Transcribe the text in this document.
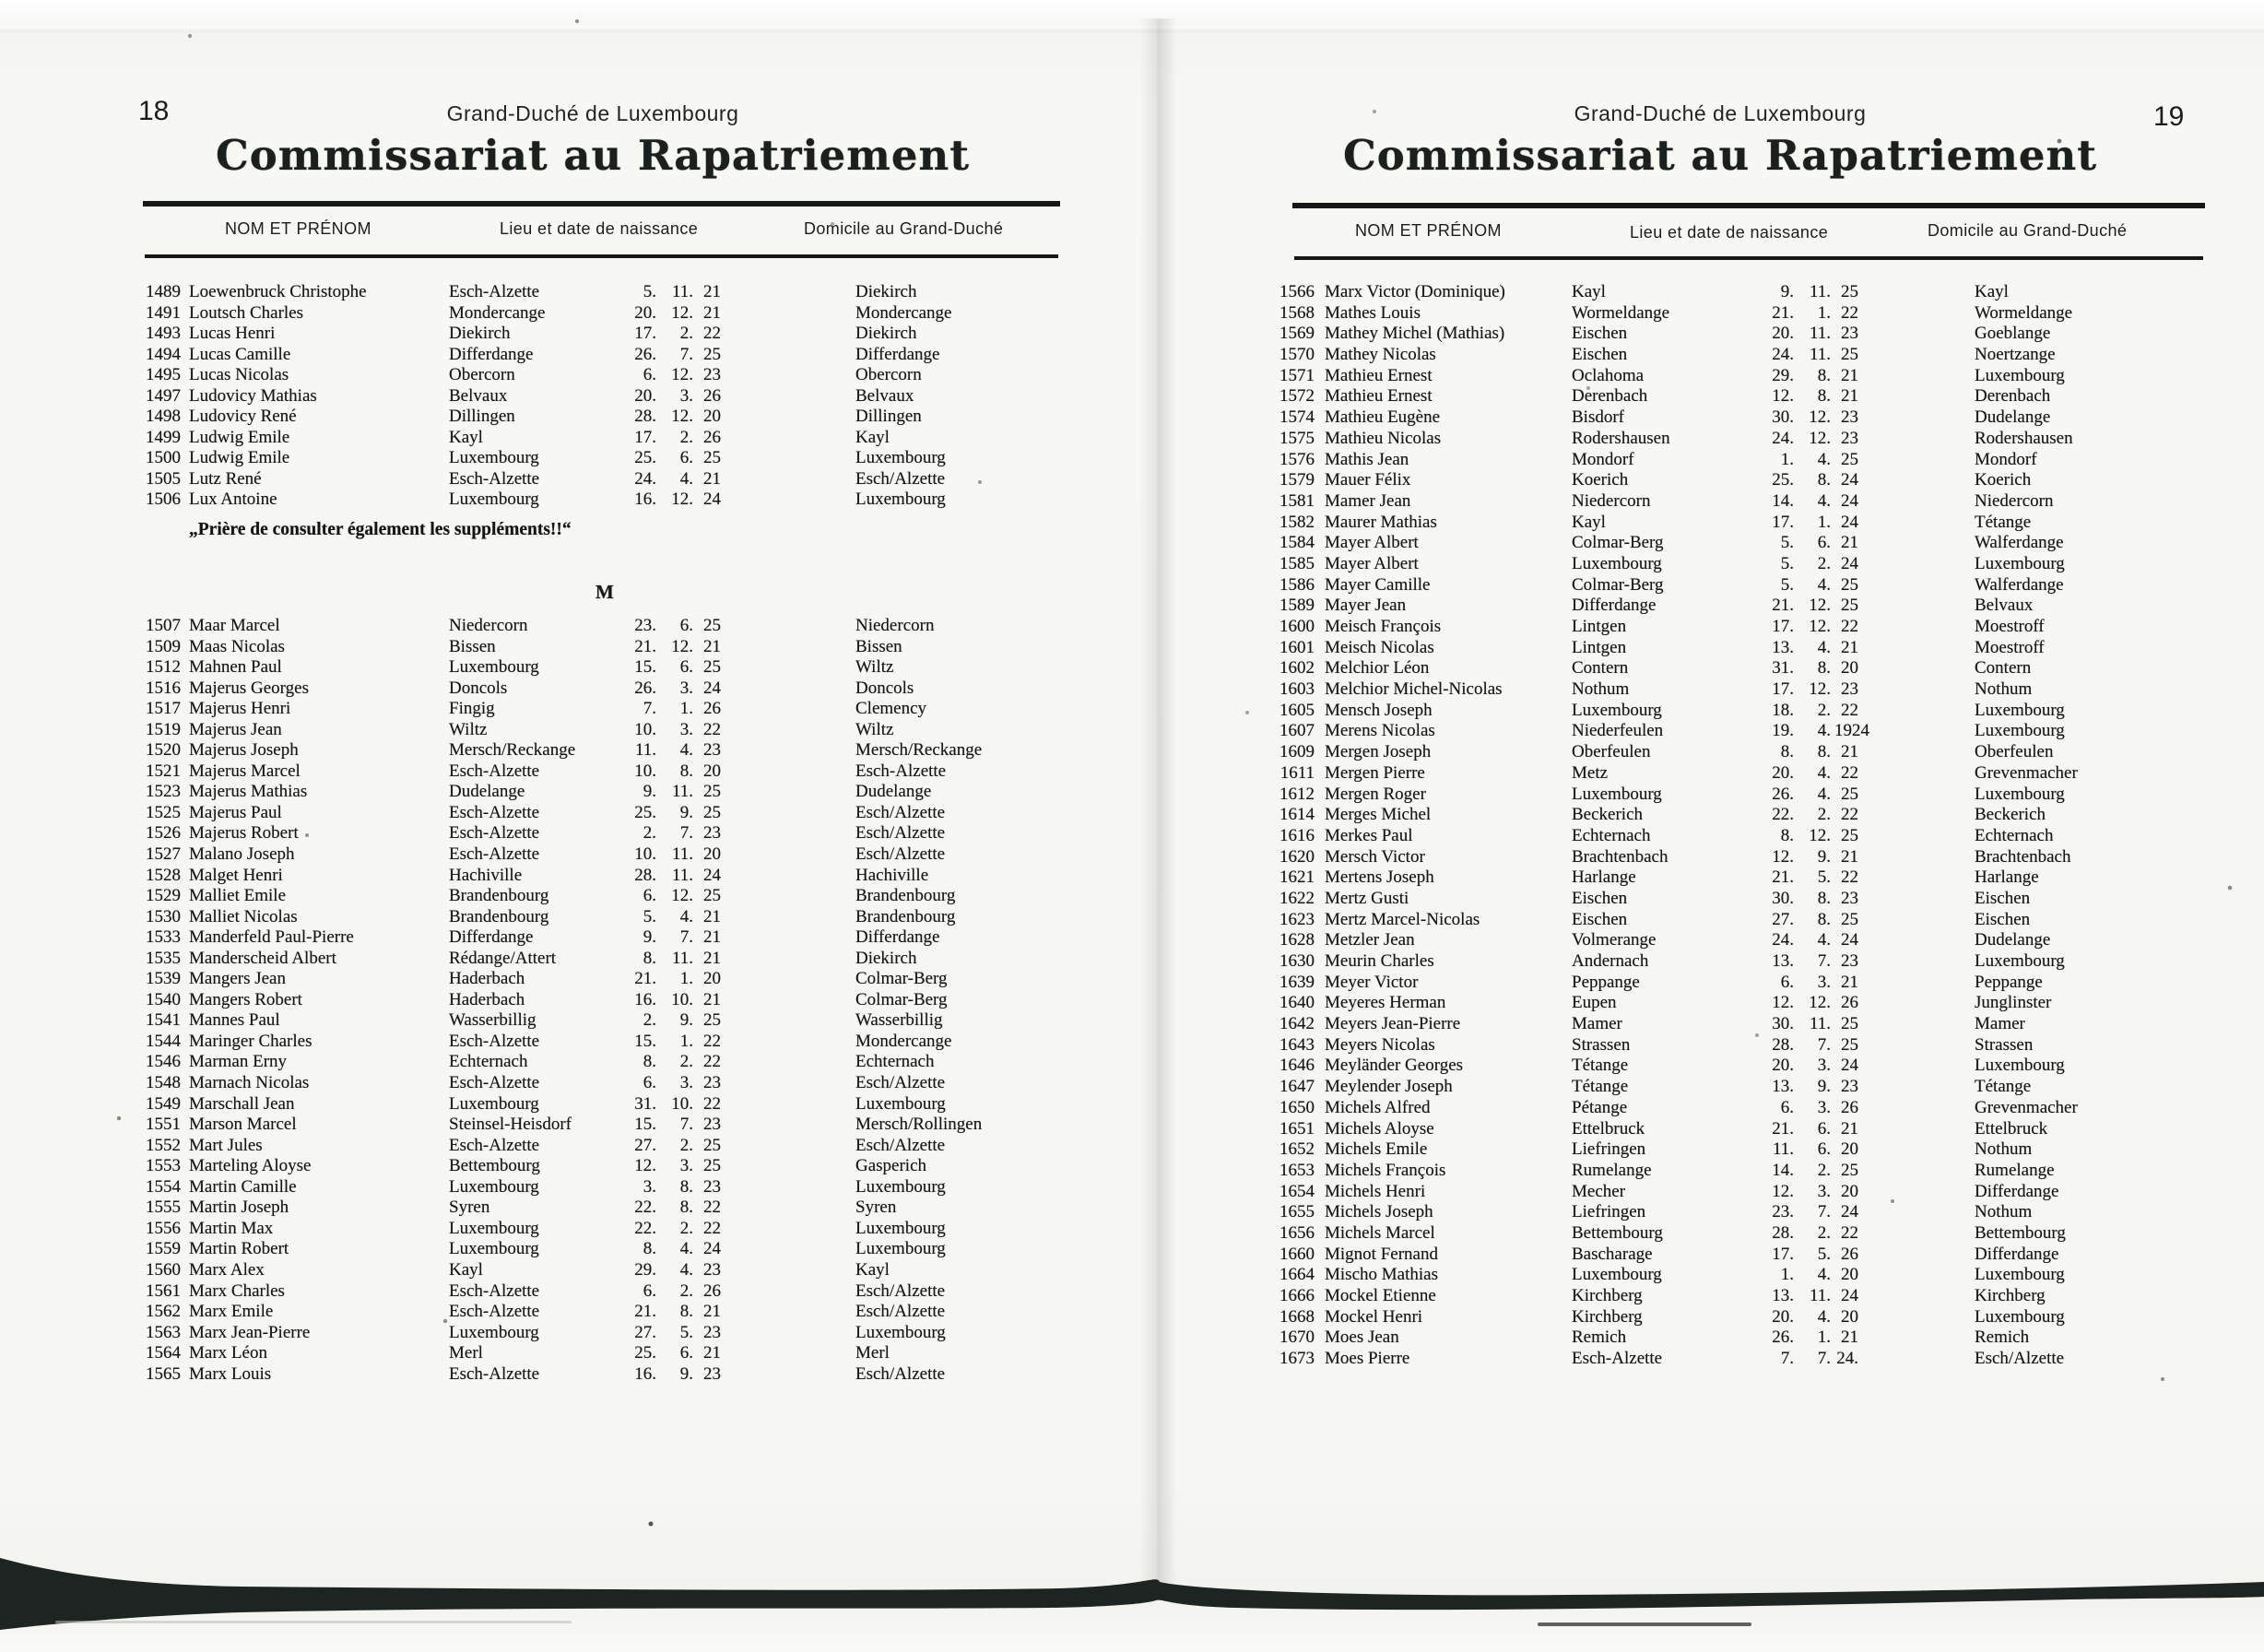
18	Grand-Duché de Luxembourg
Commissariat au Rapatriement
NOM ET PRÉNOM	Lieu et date de naissance	Domicile au Grand-Duché
1489 Loewenbruck Christophe	Esch-Alzette	5. 11. 21	Diekirch
1491 Loutsch Charles	Mondercange	20. 12. 21	Mondercange
1493 Lucas Henri	Diekirch	17.	2. 22	Diekirch
1494 Lucas Camille	Differdange	26.	7. 25	Differdange
1495 Lucas Nicolas	Obercorn	6. 12. 23	Obercorn
1497 Ludovicy Mathias	Belvaux	20.	3. 26	Belvaux
1498 Ludovicy René	Dillingen	28. 12. 20	Dillingen
1499 Ludwig Emile	Kayl	17.	2. 26	Kayl
1500 Ludwig Emile	Luxembourg	25.	6. 25	Luxembourg
1505 Lutz René	Esch-Alzette	24.	4. 21	Esch/Alzette
1506 Lux Antoine	Luxembourg	16. 12. 24	Luxembourg
„Prière de consulter également les suppléments!!“
M
1507 Maar Marcel	Niedercorn	23.	6. 25	Niedercorn
1509 Maas Nicolas	Bissen	21. 12. 21	Bissen
1512 Mahnen Paul	Luxembourg	15.	6. 25	Wiltz
1516 Majerus Georges	Doncols	26.	3. 24	Doncols
1517 Majerus Henri	Fingig	7.	1. 26	Clemency
1519 Majerus Jean	Wiltz	10.	3. 22	Wiltz
1520 Majerus Joseph	Mersch/Reckange	11.	4. 23	Mersch/Reckange
1521 Majerus Marcel	Esch-Alzette	10.	8. 20	Esch-Alzette
1523 Majerus Mathias	Dudelange	9. 11. 25	Dudelange
1525 Majerus Paul	Esch-Alzette	25.	9. 25	Esch/Alzette
1526 Majerus Robert	Esch-Alzette	2.	7. 23	Esch/Alzette
1527 Malano Joseph	Esch-Alzette	10. 11. 20	Esch/Alzette
1528 Malget Henri	Hachiville	28. 11. 24	Hachiville
1529 Malliet Emile	Brandenbourg	6. 12. 25	Brandenbourg
1530 Malliet Nicolas	Brandenbourg	5.	4. 21	Brandenbourg
1533 Manderfeld Paul-Pierre	Differdange	9.	7. 21	Differdange
1535 Manderscheid Albert	Rédange/Attert	8. 11. 21	Diekirch
1539 Mangers Jean	Haderbach	21.	1. 20	Colmar-Berg
1540 Mangers Robert	Haderbach	16. 10. 21	Colmar-Berg
1541 Mannes Paul	Wasserbillig	2.	9. 25	Wasserbillig
1544 Maringer Charles	Esch-Alzette	15.	1. 22	Mondercange
1546 Marman Erny	Echternach	8.	2. 22	Echternach
1548 Marnach Nicolas	Esch-Alzette	6.	3. 23	Esch/Alzette
1549 Marschall Jean	Luxembourg	31. 10. 22	Luxembourg
1551 Marson Marcel	Steinsel-Heisdorf	15.	7. 23	Mersch/Rollingen
1552 Mart Jules	Esch-Alzette	27.	2. 25	Esch/Alzette
1553 Marteling Aloyse	Bettembourg	12.	3. 25	Gasperich
1554 Martin Camille	Luxembourg	3.	8. 23	Luxembourg
1555 Martin Joseph	Syren	22.	8. 22	Syren
1556 Martin Max	Luxembourg	22.	2. 22	Luxembourg
1559 Martin Robert	Luxembourg	8.	4. 24	Luxembourg
1560 Marx Alex	Kayl	29.	4. 23	Kayl
1561 Marx Charles	Esch-Alzette	6.	2. 26	Esch/Alzette
1562 Marx Emile	Esch-Alzette	21.	8. 21	Esch/Alzette
1563 Marx Jean-Pierre	Luxembourg	27.	5. 23	Luxembourg
1564 Marx Léon	Merl	25.	6. 21	Merl
1565 Marx Louis	Esch-Alzette	16.	9. 23	Esch/Alzette
19
Grand-Duché de Luxembourg
Commissariat au Rapatriement
NOM ET PRÉNOM	Lieu et date de naissance	Domicile au Grand-Duché
1566 Marx Victor (Dominique)	Kayl	9. 11. 25	Kayl
1568 Mathes Louis	Wormeldange	21.	1. 22	Wormeldange
1569 Mathey Michel (Mathias)	Eischen	20. 11. 23	Goeblange
1570 Mathey Nicolas	Eischen	24. 11. 25	Noertzange
1571 Mathieu Ernest	Oclahoma	29.	8. 21	Luxembourg
1572 Mathieu Ernest	Derenbach	12.	8. 21	Derenbach
1574 Mathieu Eugène	Bisdorf	30. 12. 23	Dudelange
1575 Mathieu Nicolas	Rodershausen	24. 12. 23	Rodershausen
1576 Mathis Jean	Mondorf	1.	4. 25	Mondorf
1579 Mauer Félix	Koerich	25.	8. 24	Koerich
1581 Mamer Jean	Niedercorn	14.	4. 24	Niedercorn
1582 Maurer Mathias	Kayl	17.	1. 24	Tétange
1584 Mayer Albert	Colmar-Berg	5.	6. 21	Walferdange
1585 Mayer Albert	Luxembourg	5.	2. 24	Luxembourg
1586 Mayer Camille	Colmar-Berg	5.	4. 25	Walferdange
1589 Mayer Jean	Differdange	21. 12. 25	Belvaux
1600 Meisch François	Lintgen	17. 12. 22	Moestroff
1601 Meisch Nicolas	Lintgen	13.	4. 21	Moestroff
1602 Melchior Léon	Contern	31.	8. 20	Contern
1603 Melchior Michel-Nicolas	Nothum	17. 12. 23	Nothum
1605 Mensch Joseph	Luxembourg	18.	2. 22	Luxembourg
1607 Merens Nicolas	Niederfeulen	19.	4. 1924	Luxembourg
1609 Mergen Joseph	Oberfeulen	8.	8. 21	Oberfeulen
1611 Mergen Pierre	Metz	20.	4. 22	Grevenmacher
1612 Mergen Roger	Luxembourg	26.	4. 25	Luxembourg
1614 Merges Michel	Beckerich	22.	2. 22	Beckerich
1616 Merkes Paul	Echternach	8. 12. 25	Echternach
1620 Mersch Victor	Brachtenbach	12.	9. 21	Brachtenbach
1621 Mertens Joseph	Harlange	21.	5. 22	Harlange
1622 Mertz Gusti	Eischen	30.	8. 23	Eischen
1623 Mertz Marcel-Nicolas	Eischen	27.	8. 25	Eischen
1628 Metzler Jean	Volmerange	24.	4. 24	Dudelange
1630 Meurin Charles	Andernach	13.	7. 23	Luxembourg
1639 Meyer Victor	Peppange	6.	3. 21	Peppange
1640 Meyeres Herman	Eupen	12. 12. 26	Junglinster
1642 Meyers Jean-Pierre	Mamer	30. 11. 25	Mamer
1643 Meyers Nicolas	Strassen	28.	7. 25	Strassen
1646 Meyländer Georges	Tétange	20.	3. 24	Luxembourg
1647 Meylender Joseph	Tétange	13.	9. 23	Tétange
1650 Michels Alfred	Pétange	6.	3. 26	Grevenmacher
1651 Michels Aloyse	Ettelbruck	21.	6. 21	Ettelbruck
1652 Michels Emile	Liefringen	11.	6. 20	Nothum
1653 Michels François	Rumelange	14.	2. 25	Rumelange
1654 Michels Henri	Mecher	12.	3. 20	Differdange
1655 Michels Joseph	Liefringen	23.	7. 24	Nothum
1656 Michels Marcel	Bettembourg	28.	2. 22	Bettembourg
1660 Mignot Fernand	Bascharage	17.	5. 26	Differdange
1664 Mischo Mathias	Luxembourg	1.	4. 20	Luxembourg
1666 Mockel Etienne	Kirchberg	13. 11. 24	Kirchberg
1668 Mockel Henri	Kirchberg	20.	4. 20	Luxembourg
1670 Moes Jean	Remich	26.	1. 21	Remich
1673 Moes Pierre	Esch-Alzette	7.	7. 24.	Esch/Alzette
